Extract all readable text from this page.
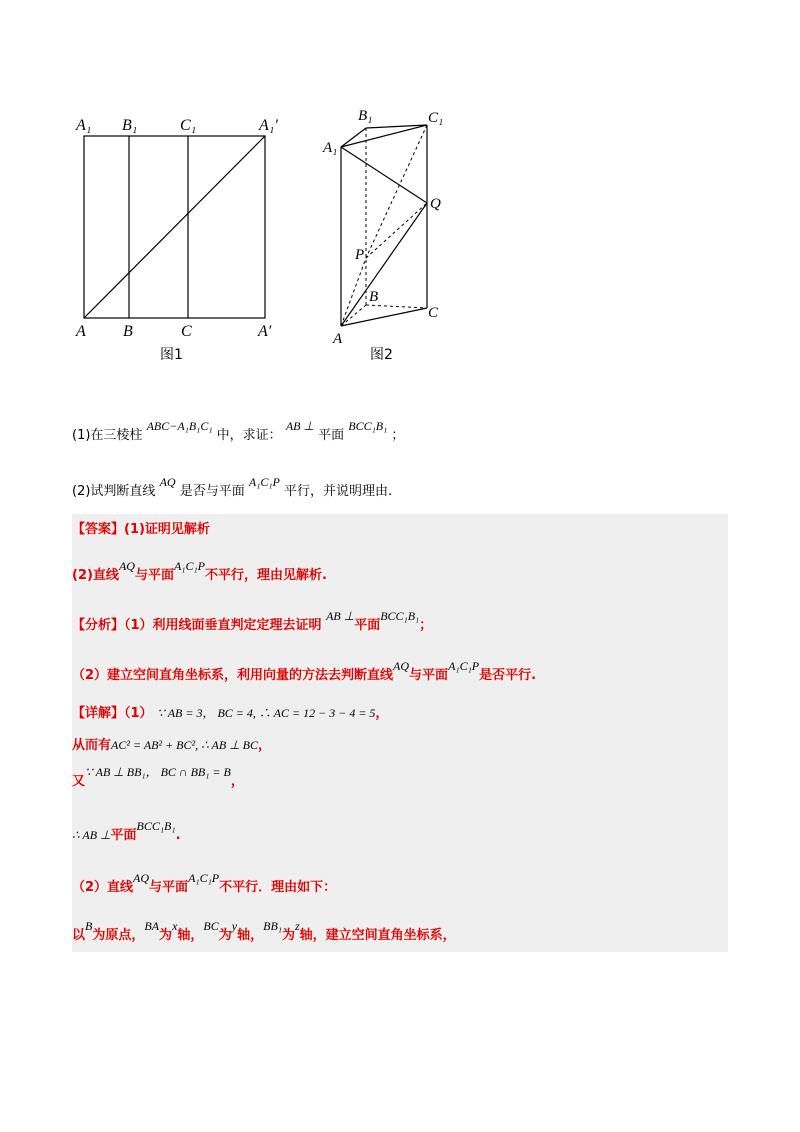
A₁ B₁	C₁	A₁′
A B	C	A′
图1
B₁	C₁
A₁
Q
P
B
C
A
图2
(1)在三棱柱 ABC−A₁B₁C₁ 中，求证： AB ⊥ 平面 BCC₁B₁ ；
(2)试判断直线 AQ 是否与平面 A₁C₁P 平行，并说明理由.
【答案】(1)证明见解析
(2)直线AQ与平面A₁C₁P不平行，理由见解析.
【分析】（1）利用线面垂直判定定理去证明 AB ⊥平面BCC₁B₁；
（2）建立空间直角坐标系，利用向量的方法去判断直线AQ与平面A₁C₁P是否平行.
【详解】（1） ∵ AB = 3， BC = 4, ∴ AC = 12 − 3 − 4 = 5，
从而有AC² = AB² + BC², ∴ AB ⊥ BC，
又∵ AB ⊥ BB₁， BC ∩ BB₁ = B，
∴ AB ⊥平面BCC₁B₁.
（2）直线AQ与平面A₁C₁P不平行．理由如下：
以B为原点，BA为x轴，BC为y轴，BB₁为z轴，建立空间直角坐标系，
